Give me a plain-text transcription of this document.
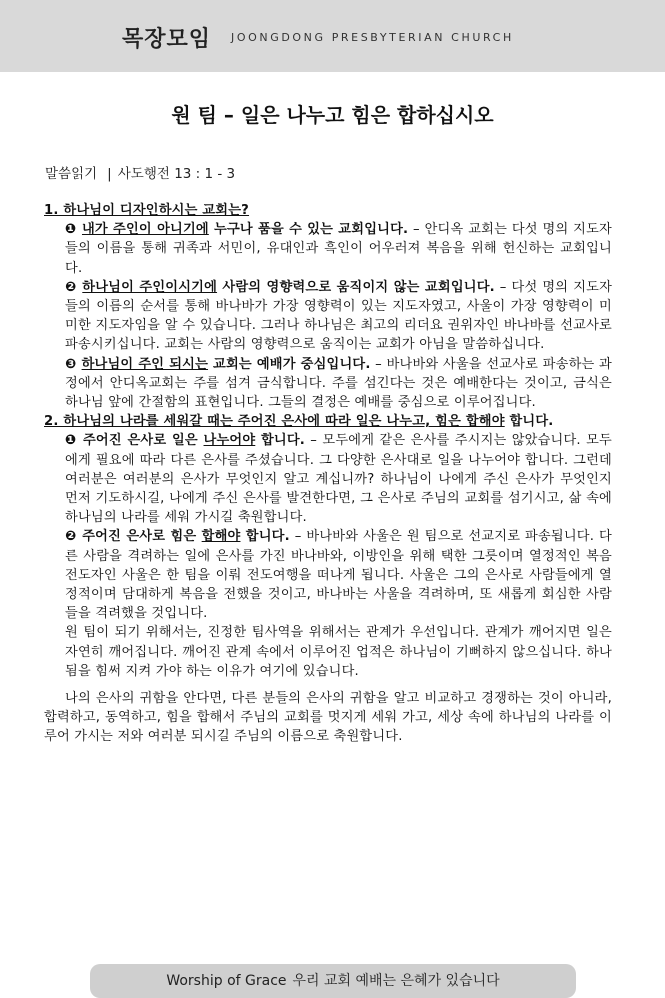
목장모임 JOONGDONG PRESBYTERIAN CHURCH
원 팀 – 일은 나누고 힘은 합하십시오
말씀읽기 | 사도행전 13 : 1 - 3
1. 하나님이 디자인하시는 교회는?
❶ 내가 주인이 아니기에 누구나 품을 수 있는 교회입니다. – 안디옥 교회는 다섯 명의 지도자들의 이름을 통해 귀족과 서민이, 유대인과 흑인이 어우러져 복음을 위해 헌신하는 교회입니다.
❷ 하나님이 주인이시기에 사람의 영향력으로 움직이지 않는 교회입니다. – 다섯 명의 지도자들의 이름의 순서를 통해 바나바가 가장 영향력이 있는 지도자였고, 사울이 가장 영향력이 미미한 지도자임을 알 수 있습니다. 그러나 하나님은 최고의 리더요 권위자인 바나바를 선교사로 파송시키십니다. 교회는 사람의 영향력으로 움직이는 교회가 아님을 말씀하십니다.
❸ 하나님이 주인 되시는 교회는 예배가 중심입니다. – 바나바와 사울을 선교사로 파송하는 과정에서 안디옥교회는 주를 섬겨 금식합니다. 주를 섬긴다는 것은 예배한다는 것이고, 금식은 하나님 앞에 간절함의 표현입니다. 그들의 결정은 예배를 중심으로 이루어집니다.
2. 하나님의 나라를 세워갈 때는 주어진 은사에 따라 일은 나누고, 힘은 합해야 합니다.
❶ 주어진 은사로 일은 나누어야 합니다. – 모두에게 같은 은사를 주시지는 않았습니다. 모두에게 필요에 따라 다른 은사를 주셨습니다. 그 다양한 은사대로 일을 나누어야 합니다. 그런데 여러분은 여러분의 은사가 무엇인지 알고 계십니까? 하나님이 나에게 주신 은사가 무엇인지 먼저 기도하시길, 나에게 주신 은사를 발견한다면, 그 은사로 주님의 교회를 섬기시고, 삶 속에 하나님의 나라를 세워 가시길 축원합니다.
❷ 주어진 은사로 힘은 합해야 합니다. – 바나바와 사울은 원 팀으로 선교지로 파송됩니다. 다른 사람을 격려하는 일에 은사를 가진 바나바와, 이방인을 위해 택한 그릇이며 열정적인 복음 전도자인 사울은 한 팀을 이뤄 전도여행을 떠나게 됩니다. 사울은 그의 은사로 사람들에게 열정적이며 담대하게 복음을 전했을 것이고, 바나바는 사울을 격려하며, 또 새롭게 회심한 사람들을 격려했을 것입니다.
원 팀이 되기 위해서는, 진정한 팀사역을 위해서는 관계가 우선입니다. 관계가 깨어지면 일은 자연히 깨어집니다. 깨어진 관계 속에서 이루어진 업적은 하나님이 기뻐하지 않으십니다. 하나됨을 힘써 지켜 가야 하는 이유가 여기에 있습니다.
나의 은사의 귀함을 안다면, 다른 분들의 은사의 귀함을 알고 비교하고 경쟁하는 것이 아니라, 합력하고, 동역하고, 힘을 합해서 주님의 교회를 멋지게 세워 가고, 세상 속에 하나님의 나라를 이루어 가시는 저와 여러분 되시길 주님의 이름으로 축원합니다.
Worship of Grace 우리 교회 예배는 은혜가 있습니다
